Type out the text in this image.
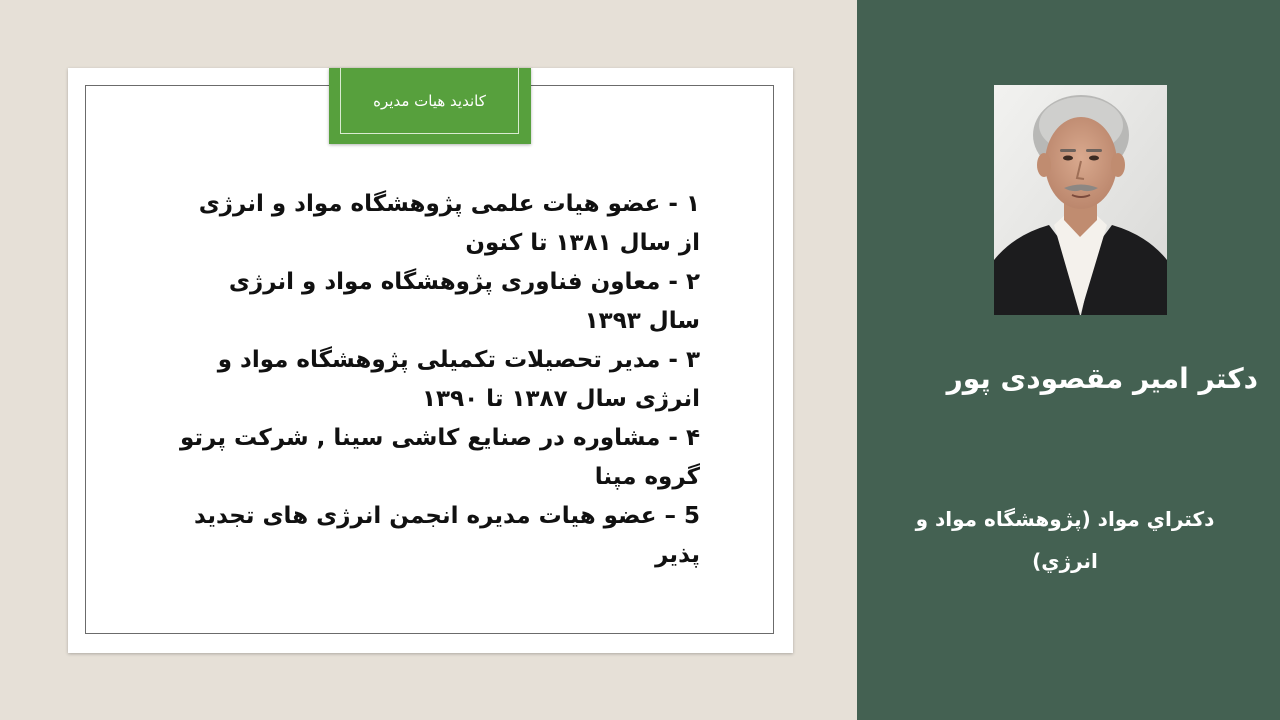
کاندید هیات مدیره

۱ - عضو هیات علمی پژوهشگاه مواد و انرژی از سال ۱۳۸۱ تا کنون

۲ - معاون فناوری پژوهشگاه مواد و انرژی سال ۱۳۹۳

۳ - مدیر تحصیلات تکمیلی پژوهشگاه مواد و انرژی سال ۱۳۸۷ تا ۱۳۹۰

۴ - مشاوره در صنایع کاشی سینا , شرکت پرتو گروه مپنا

5 – عضو هیات مدیره انجمن انرژی های تجدید پذیر

دکتر امیر مقصودی پور
دكتراي مواد (پژوهشگاه مواد و انرژي)
